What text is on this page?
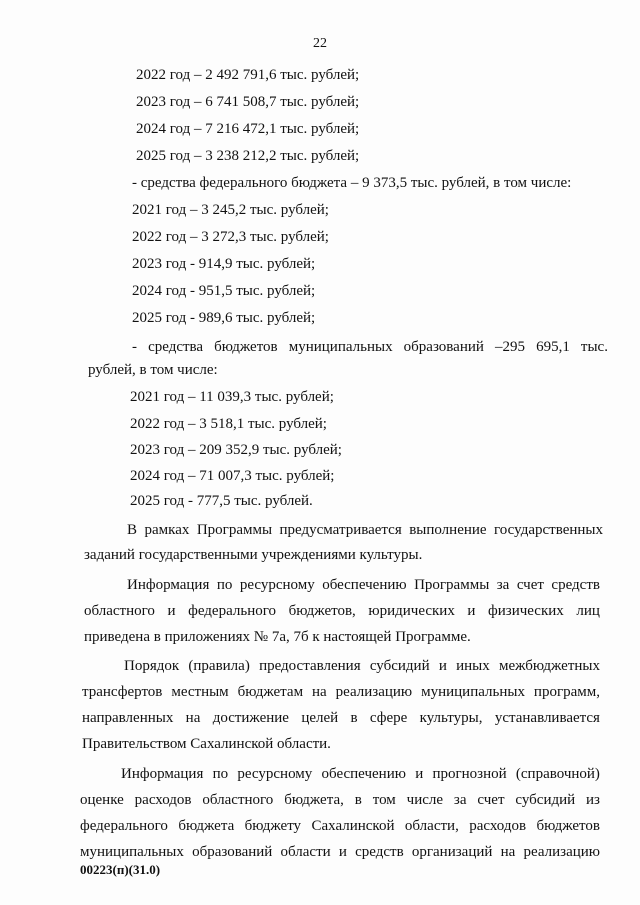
22
2022 год – 2 492 791,6 тыс. рублей;
2023 год – 6 741 508,7 тыс. рублей;
2024 год – 7 216 472,1 тыс. рублей;
2025 год – 3 238 212,2 тыс. рублей;
- средства федерального бюджета – 9 373,5 тыс. рублей, в том числе:
2021 год – 3 245,2 тыс. рублей;
2022 год – 3 272,3 тыс. рублей;
2023 год - 914,9 тыс. рублей;
2024 год - 951,5 тыс. рублей;
2025 год - 989,6 тыс. рублей;
- средства бюджетов муниципальных образований –295 695,1 тыс.
рублей, в том числе:
2021 год – 11 039,3 тыс. рублей;
2022 год – 3 518,1 тыс. рублей;
2023 год – 209 352,9 тыс. рублей;
2024 год – 71 007,3 тыс. рублей;
2025 год - 777,5 тыс. рублей.
В рамках Программы предусматривается выполнение государственных
заданий государственными учреждениями культуры.
Информация по ресурсному обеспечению Программы за счет средств
областного и федерального бюджетов, юридических и физических лиц
приведена в приложениях № 7а, 7б к настоящей Программе.
Порядок (правила) предоставления субсидий и иных межбюджетных
трансфертов местным бюджетам на реализацию муниципальных программ,
направленных на достижение целей в сфере культуры, устанавливается
Правительством Сахалинской области.
Информация по ресурсному обеспечению и прогнозной (справочной)
оценке расходов областного бюджета, в том числе за счет субсидий из
федерального бюджета бюджету Сахалинской области, расходов бюджетов
муниципальных образований области и средств организаций на реализацию
00223(п)(31.0)
